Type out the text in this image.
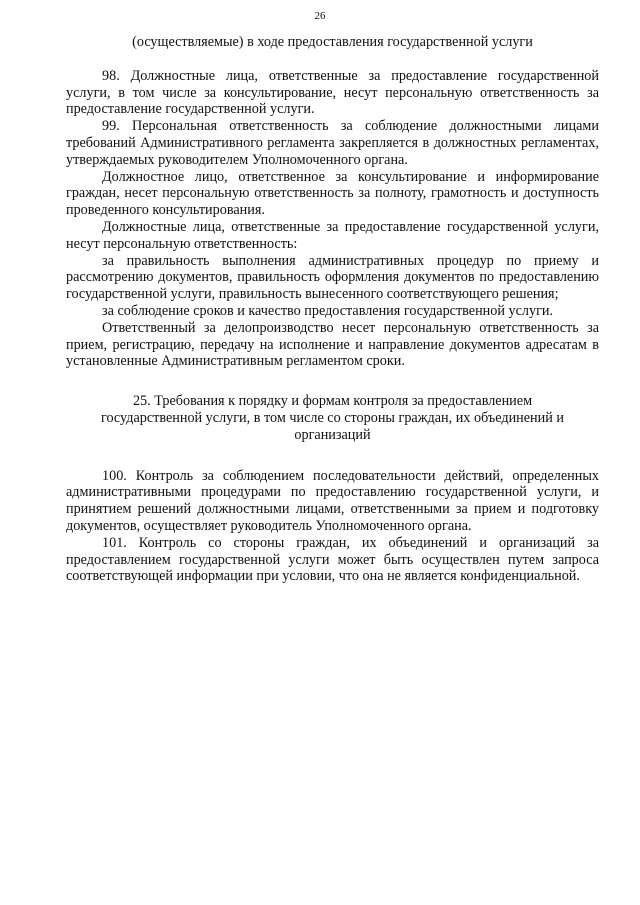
26
(осуществляемые) в ходе предоставления государственной услуги

98. Должностные лица, ответственные за предоставление государственной услуги, в том числе за консультирование, несут персональную ответственность за предоставление государственной услуги.

99. Персональная ответственность за соблюдение должностными лицами требований Административного регламента закрепляется в должностных регламентах, утверждаемых руководителем Уполномоченного органа.

Должностное лицо, ответственное за консультирование и информирование граждан, несет персональную ответственность за полноту, грамотность и доступность проведенного консультирования.

Должностные лица, ответственные за предоставление государственной услуги, несут персональную ответственность:

за правильность выполнения административных процедур по приему и рассмотрению документов, правильность оформления документов по предоставлению государственной услуги, правильность вынесенного соответствующего решения;

за соблюдение сроков и качество предоставления государственной услуги.

Ответственный за делопроизводство несет персональную ответственность за прием, регистрацию, передачу на исполнение и направление документов адресатам в установленные Административным регламентом сроки.

25. Требования к порядку и формам контроля за предоставлением государственной услуги, в том числе со стороны граждан, их объединений и организаций

100. Контроль за соблюдением последовательности действий, определенных административными процедурами по предоставлению государственной услуги, и принятием решений должностными лицами, ответственными за прием и подготовку документов, осуществляет руководитель Уполномоченного органа.

101. Контроль со стороны граждан, их объединений и организаций за предоставлением государственной услуги может быть осуществлен путем запроса соответствующей информации при условии, что она не является конфиденциальной.
